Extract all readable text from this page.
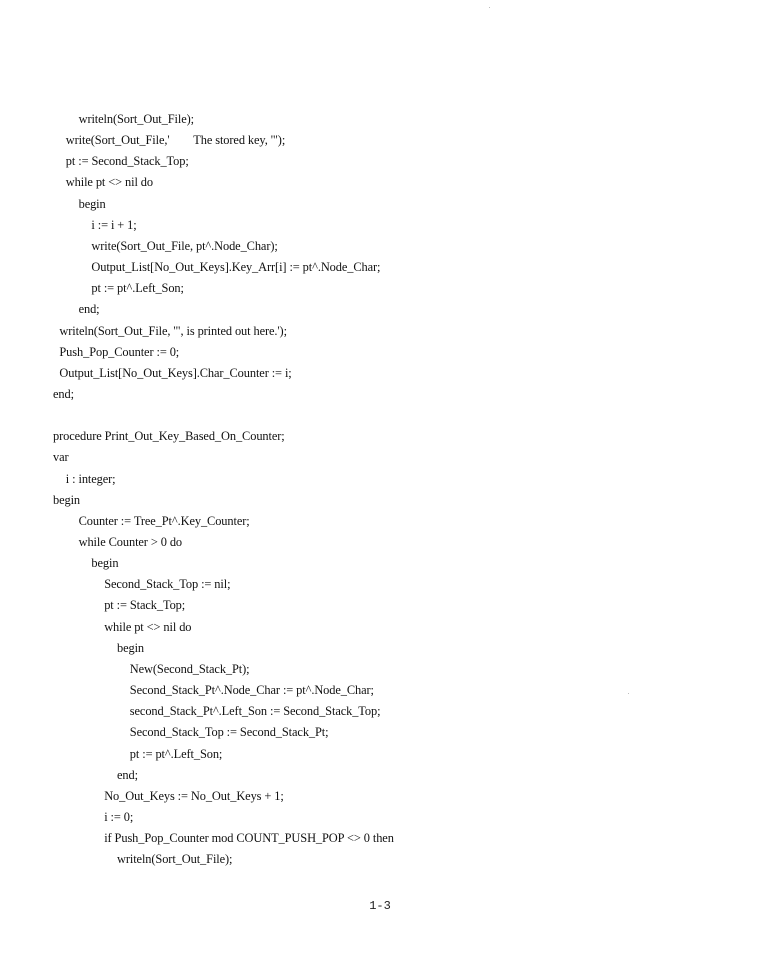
writeln(Sort_Out_File);
write(Sort_Out_File,'        The stored key, '");
pt := Second_Stack_Top;
while pt <> nil do
begin
i := i + 1;
write(Sort_Out_File, pt^.Node_Char);
Output_List[No_Out_Keys].Key_Arr[i] := pt^.Node_Char;
pt := pt^.Left_Son;
end;
writeln(Sort_Out_File, '", is printed out here.');
Push_Pop_Counter := 0;
Output_List[No_Out_Keys].Char_Counter := i;
end;
procedure Print_Out_Key_Based_On_Counter;
var
i : integer;
begin
Counter := Tree_Pt^.Key_Counter;
while Counter > 0 do
begin
Second_Stack_Top := nil;
pt := Stack_Top;
while pt <> nil do
begin
New(Second_Stack_Pt);
Second_Stack_Pt^.Node_Char := pt^.Node_Char;
second_Stack_Pt^.Left_Son := Second_Stack_Top;
Second_Stack_Top := Second_Stack_Pt;
pt := pt^.Left_Son;
end;
No_Out_Keys := No_Out_Keys + 1;
i := 0;
if Push_Pop_Counter mod COUNT_PUSH_POP <> 0 then
writeln(Sort_Out_File);
1-3
